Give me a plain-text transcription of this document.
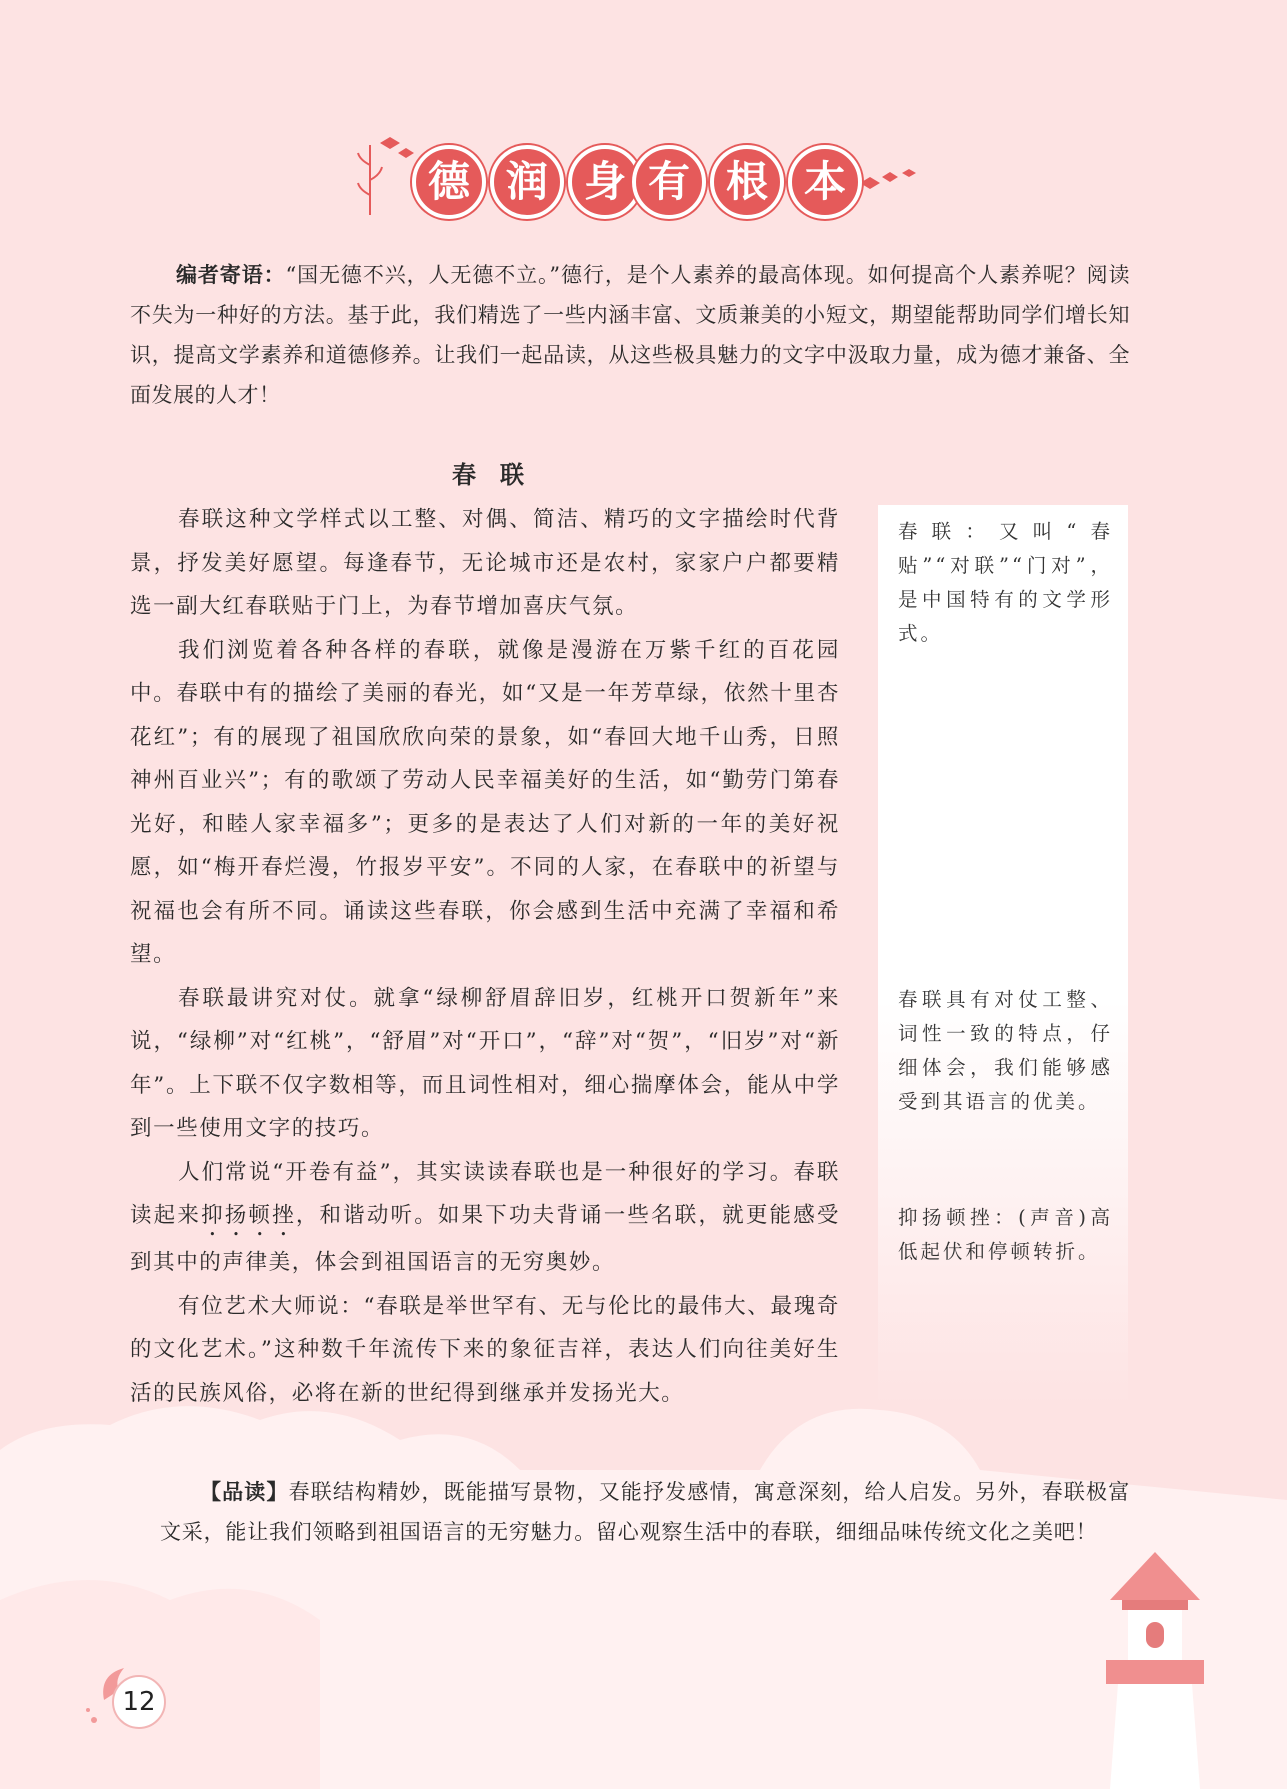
德 润 身 有 根 本
编者寄语：“国无德不兴，人无德不立。”德行，是个人素养的最高体现。如何提高个人素养呢？阅读不失为一种好的方法。基于此，我们精选了一些内涵丰富、文质兼美的小短文，期望能帮助同学们增长知识，提高文学素养和道德修养。让我们一起品读，从这些极具魅力的文字中汲取力量，成为德才兼备、全面发展的人才！
春联
春联：又叫“春贴”“对联”“门对”，是中国特有的文学形式。
春联具有对仗工整、词性一致的特点，仔细体会，我们能够感受到其语言的优美。
抑扬顿挫：(声音)高低起伏和停顿转折。

春联这种文学样式以工整、对偶、简洁、精巧的文字描绘时代背景，抒发美好愿望。每逢春节，无论城市还是农村，家家户户都要精选一副大红春联贴于门上，为春节增加喜庆气氛。

我们浏览着各种各样的春联，就像是漫游在万紫千红的百花园中。春联中有的描绘了美丽的春光，如“又是一年芳草绿，依然十里杏花红”；有的展现了祖国欣欣向荣的景象，如“春回大地千山秀，日照神州百业兴”；有的歌颂了劳动人民幸福美好的生活，如“勤劳门第春光好，和睦人家幸福多”；更多的是表达了人们对新的一年的美好祝愿，如“梅开春烂漫，竹报岁平安”。不同的人家，在春联中的祈望与祝福也会有所不同。诵读这些春联，你会感到生活中充满了幸福和希望。

春联最讲究对仗。就拿“绿柳舒眉辞旧岁，红桃开口贺新年”来说，“绿柳”对“红桃”，“舒眉”对“开口”，“辞”对“贺”，“旧岁”对“新年”。上下联不仅字数相等，而且词性相对，细心揣摩体会，能从中学到一些使用文字的技巧。

人们常说“开卷有益”，其实读读春联也是一种很好的学习。春联读起来抑扬顿挫，和谐动听。如果下功夫背诵一些名联，就更能感受到其中的声律美，体会到祖国语言的无穷奥妙。

有位艺术大师说：“春联是举世罕有、无与伦比的最伟大、最瑰奇的文化艺术。”这种数千年流传下来的象征吉祥，表达人们向往美好生活的民族风俗，必将在新的世纪得到继承并发扬光大。

【品读】春联结构精妙，既能描写景物，又能抒发感情，寓意深刻，给人启发。另外，春联极富文采，能让我们领略到祖国语言的无穷魅力。留心观察生活中的春联，细细品味传统文化之美吧！
12
